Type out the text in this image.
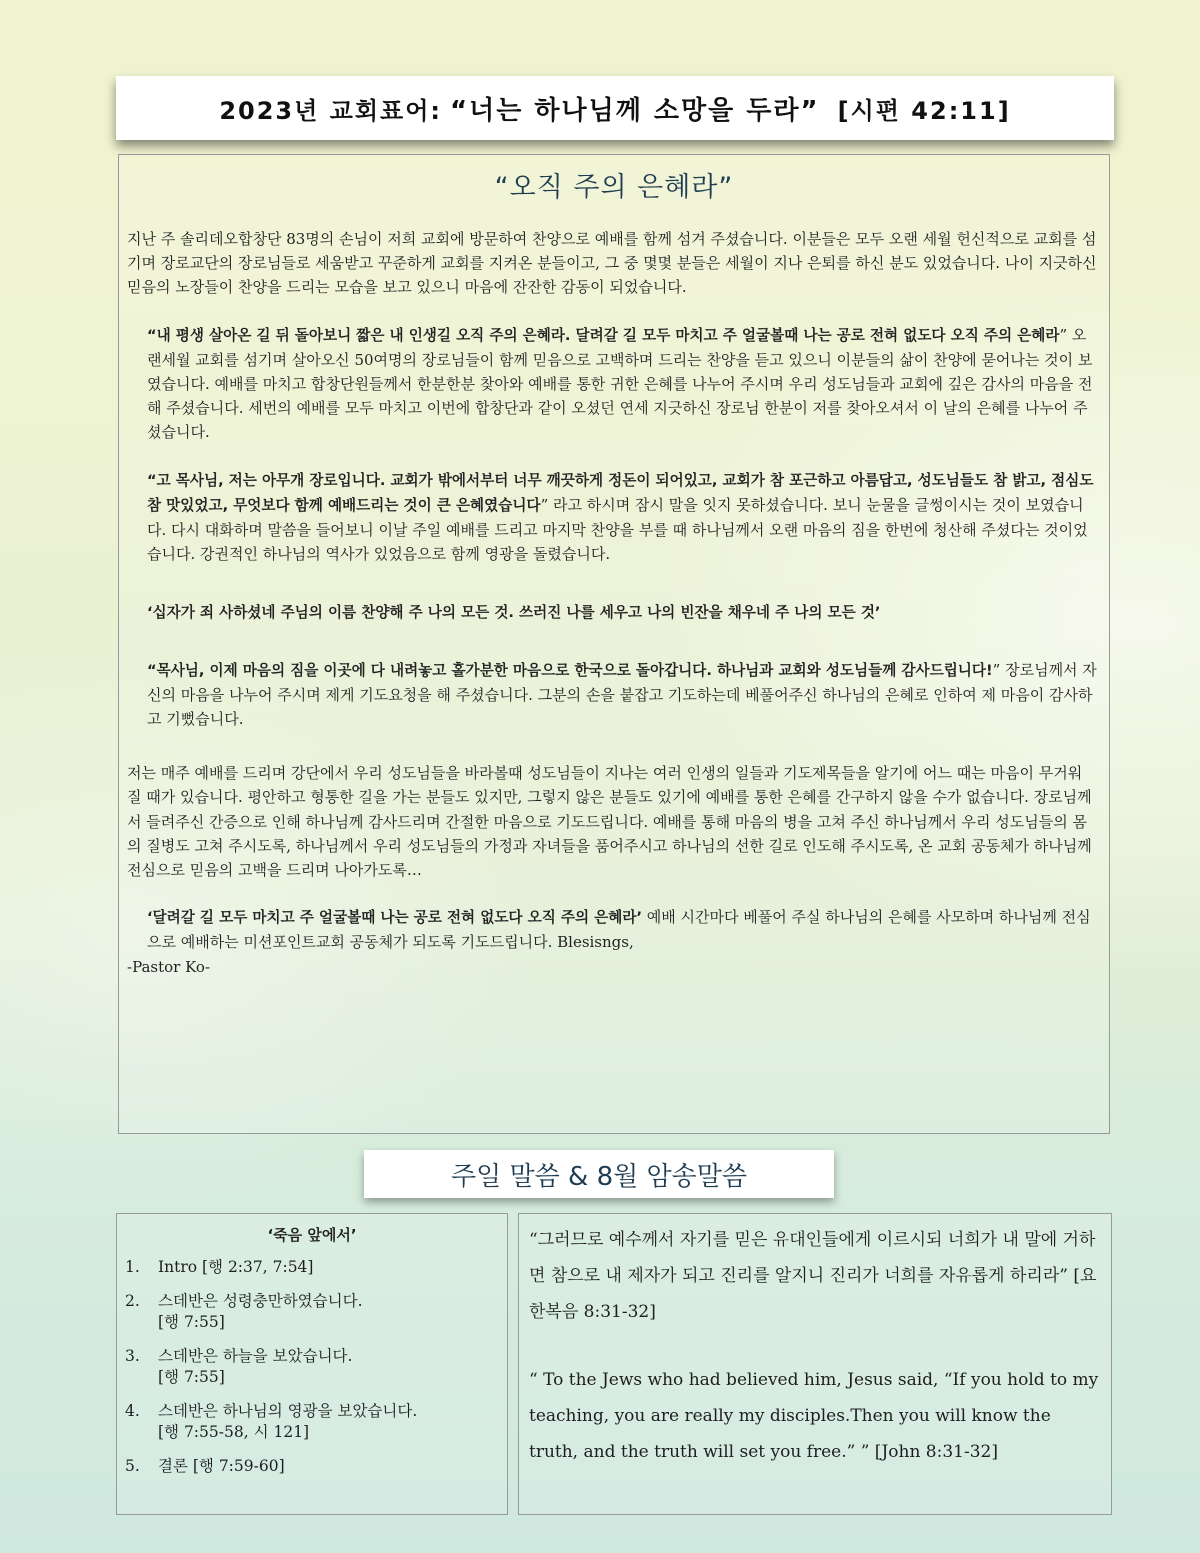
2023년 교회표어: “너는 하나님께 소망을 두라” [시편 42:11]
“오직 주의 은혜라”

지난 주 솔리데오합창단 83명의 손님이 저희 교회에 방문하여 찬양으로 예배를 함께 섬겨 주셨습니다. 이분들은 모두 오랜 세월 헌신적으로 교회를 섬기며 장로교단의 장로님들로 세움받고 꾸준하게 교회를 지켜온 분들이고, 그 중 몇몇 분들은 세월이 지나 은퇴를 하신 분도 있었습니다. 나이 지긋하신 믿음의 노장들이 찬양을 드리는 모습을 보고 있으니 마음에 잔잔한 감동이 되었습니다.

“내 평생 살아온 길 뒤 돌아보니 짧은 내 인생길 오직 주의 은혜라. 달려갈 길 모두 마치고 주 얼굴볼때 나는 공로 전혀 없도다 오직 주의 은혜라” 오랜세월 교회를 섬기며 살아오신 50여명의 장로님들이 함께 믿음으로 고백하며 드리는 찬양을 듣고 있으니 이분들의 삶이 찬양에 묻어나는 것이 보였습니다. 예배를 마치고 합창단원들께서 한분한분 찾아와 예배를 통한 귀한 은혜를 나누어 주시며 우리 성도님들과 교회에 깊은 감사의 마음을 전해 주셨습니다. 세번의 예배를 모두 마치고 이번에 합창단과 같이 오셨던 연세 지긋하신 장로님 한분이 저를 찾아오셔서 이 날의 은혜를 나누어 주셨습니다.

“고 목사님, 저는 아무개 장로입니다. 교회가 밖에서부터 너무 깨끗하게 정돈이 되어있고, 교회가 참 포근하고 아름답고, 성도님들도 참 밝고, 점심도 참 맛있었고, 무엇보다 함께 예배드리는 것이 큰 은혜였습니다” 라고 하시며 잠시 말을 잇지 못하셨습니다. 보니 눈물을 글썽이시는 것이 보였습니다. 다시 대화하며 말씀을 들어보니 이날 주일 예배를 드리고 마지막 찬양을 부를 때 하나님께서 오랜 마음의 짐을 한번에 청산해 주셨다는 것이었습니다. 강권적인 하나님의 역사가 있었음으로 함께 영광을 돌렸습니다.

‘십자가 죄 사하셨네 주님의 이름 찬양해 주 나의 모든 것. 쓰러진 나를 세우고 나의 빈잔을 채우네 주 나의 모든 것’

“목사님, 이제 마음의 짐을 이곳에 다 내려놓고 홀가분한 마음으로 한국으로 돌아갑니다. 하나님과 교회와 성도님들께 감사드립니다!” 장로님께서 자신의 마음을 나누어 주시며 제게 기도요청을 해 주셨습니다. 그분의 손을 붙잡고 기도하는데 베풀어주신 하나님의 은혜로 인하여 제 마음이 감사하고 기뻤습니다.

저는 매주 예배를 드리며 강단에서 우리 성도님들을 바라볼때 성도님들이 지나는 여러 인생의 일들과 기도제목들을 알기에 어느 때는 마음이 무거워 질 때가 있습니다. 평안하고 형통한 길을 가는 분들도 있지만, 그렇지 않은 분들도 있기에 예배를 통한 은혜를 간구하지 않을 수가 없습니다. 장로님께서 들려주신 간증으로 인해 하나님께 감사드리며 간절한 마음으로 기도드립니다. 예배를 통해 마음의 병을 고쳐 주신 하나님께서 우리 성도님들의 몸의 질병도 고쳐 주시도록, 하나님께서 우리 성도님들의 가정과 자녀들을 품어주시고 하나님의 선한 길로 인도해 주시도록, 온 교회 공동체가 하나님께 전심으로 믿음의 고백을 드리며 나아가도록…

‘달려갈 길 모두 마치고 주 얼굴볼때 나는 공로 전혀 없도다 오직 주의 은혜라’ 예배 시간마다 베풀어 주실 하나님의 은혜를 사모하며 하나님께 전심으로 예배하는 미션포인트교회 공동체가 되도록 기도드립니다. Blesisngs,

-Pastor Ko-
주일 말씀 & 8월 암송말씀
‘죽음 앞에서’
1.	Intro [행 2:37, 7:54]
2.	스데반은 성령충만하였습니다.
[행 7:55]
3.	스데반은 하늘을 보았습니다.
[행 7:55]
4.	스데반은 하나님의 영광을 보았습니다.
[행 7:55-58, 시 121]
5.	결론 [행 7:59-60]

“그러므로 예수께서 자기를 믿은 유대인들에게 이르시되 너희가 내 말에 거하면 참으로 내 제자가 되고 진리를 알지니 진리가 너희를 자유롭게 하리라” [요한복음 8:31-32]

“ To the Jews who had believed him, Jesus said, “If you hold to my teaching, you are really my disciples.Then you will know the truth, and the truth will set you free.” ” [John 8:31-32]
